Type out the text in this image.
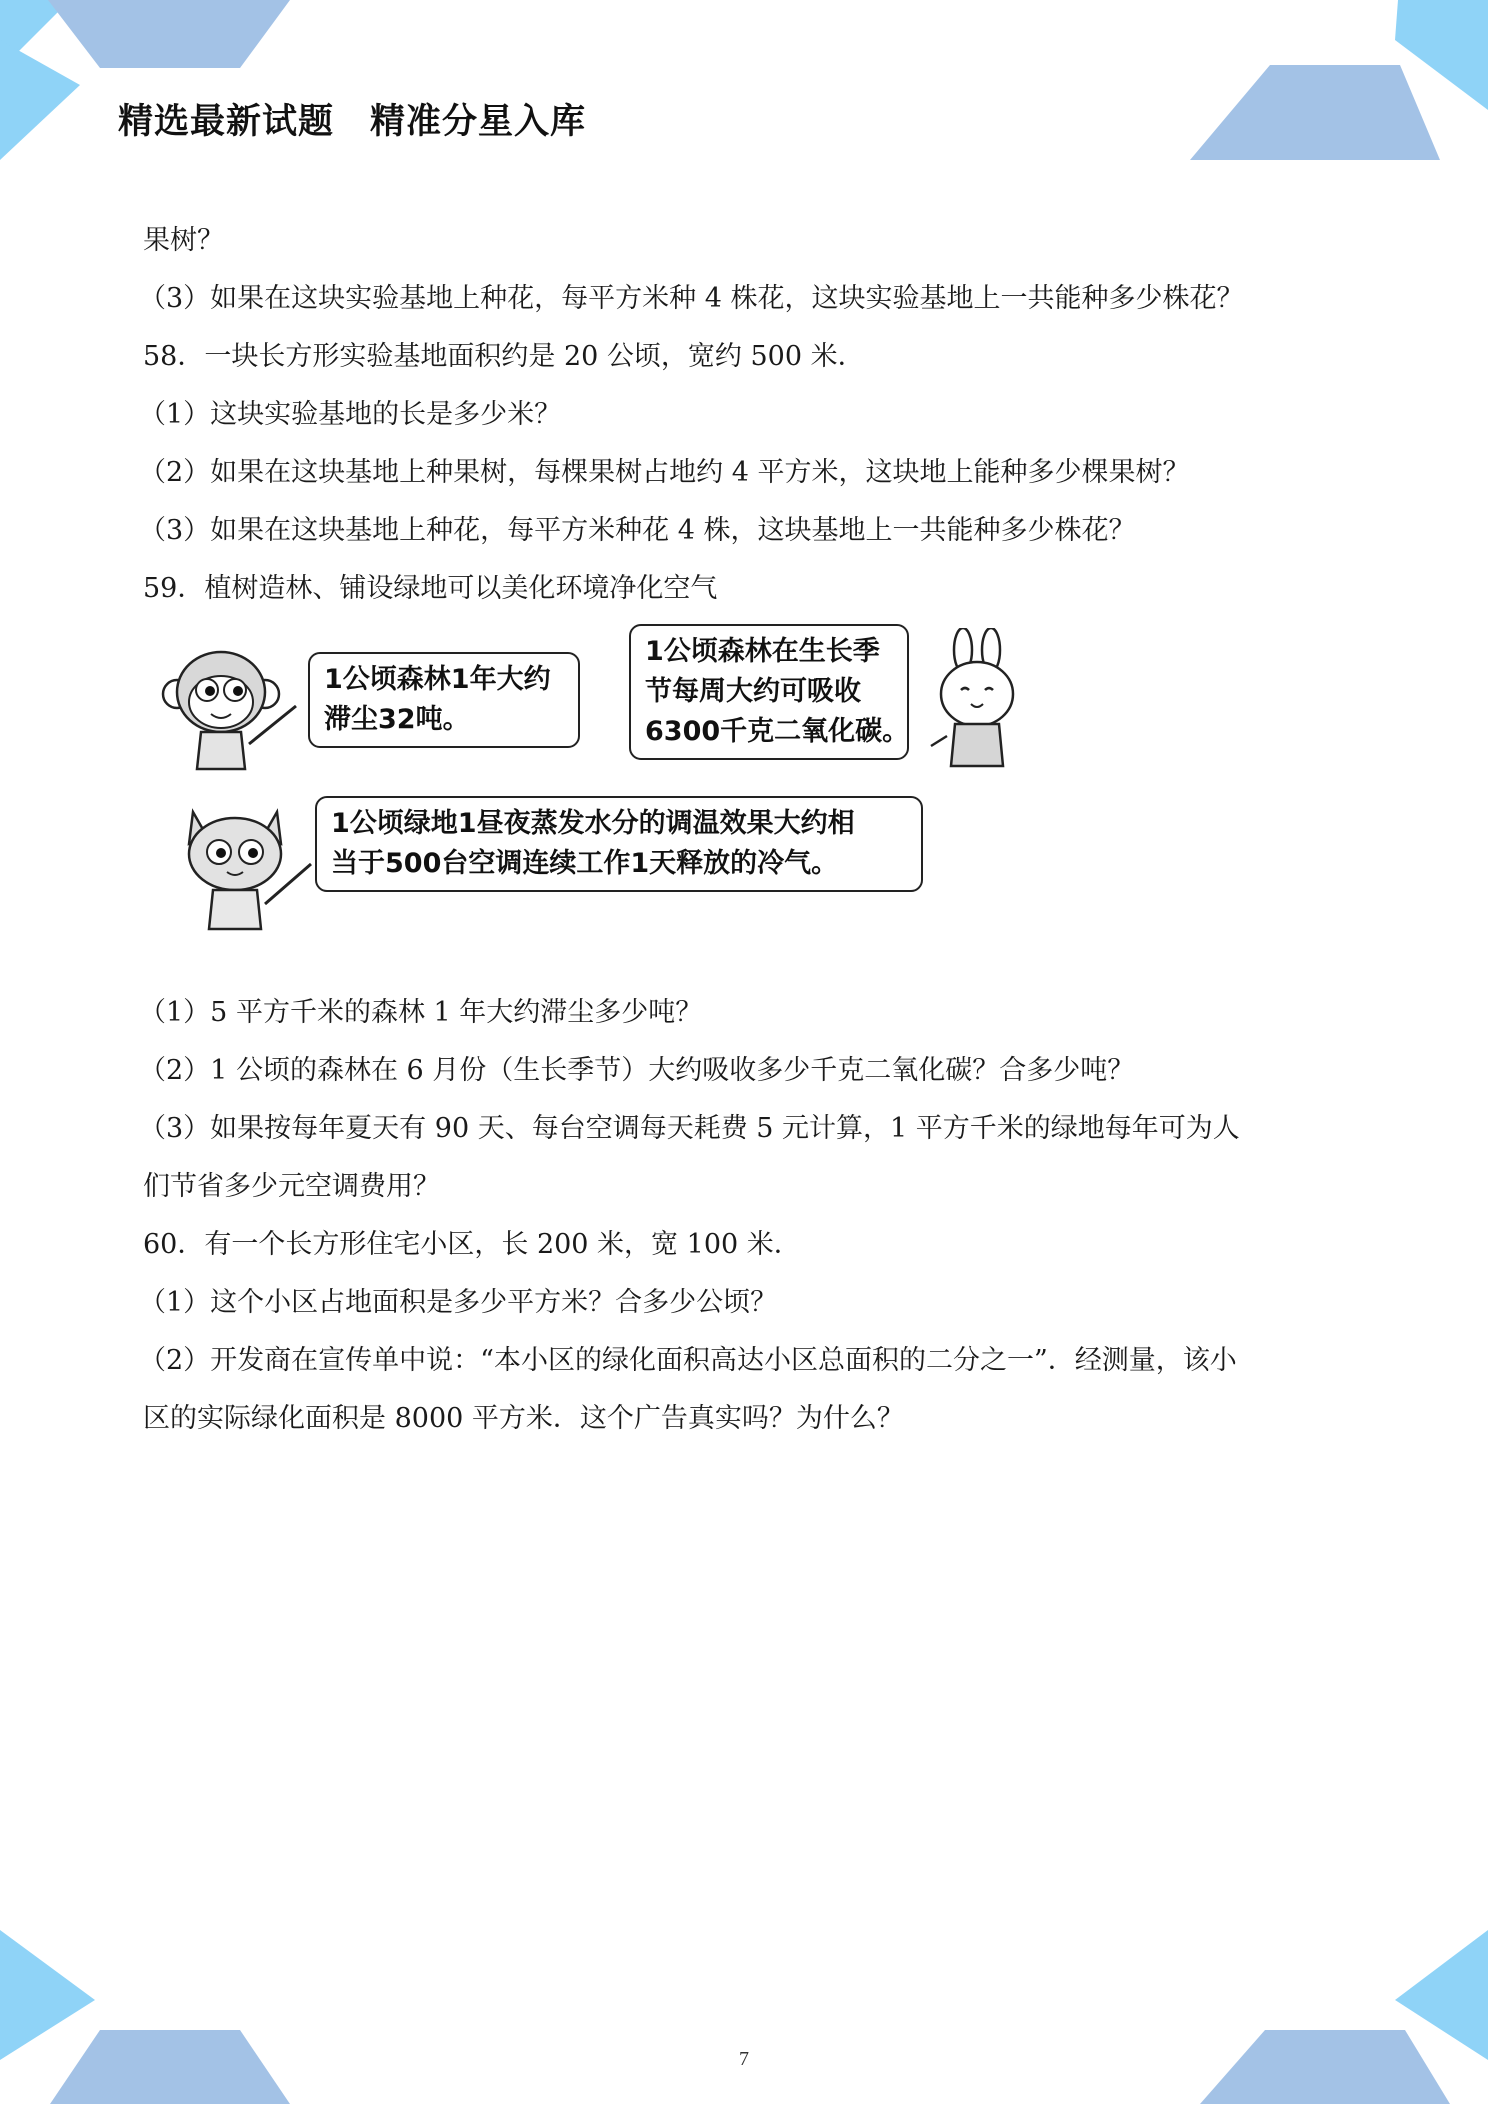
精选最新试题　精准分星入库
果树？
（3）如果在这块实验基地上种花，每平方米种 4 株花，这块实验基地上一共能种多少株花？
58．一块长方形实验基地面积约是 20 公顷，宽约 500 米．
（1）这块实验基地的长是多少米？
（2）如果在这块基地上种果树，每棵果树占地约 4 平方米，这块地上能种多少棵果树？
（3）如果在这块基地上种花，每平方米种花 4 株，这块基地上一共能种多少株花？
59．植树造林、铺设绿地可以美化环境净化空气
1公顷森林1年大约
滞尘32吨。
1公顷森林在生长季
节每周大约可吸收
6300千克二氧化碳。
1公顷绿地1昼夜蒸发水分的调温效果大约相
当于500台空调连续工作1天释放的冷气。
（1）5 平方千米的森林 1 年大约滞尘多少吨？
（2）1 公顷的森林在 6 月份（生长季节）大约吸收多少千克二氧化碳？合多少吨？
（3）如果按每年夏天有 90 天、每台空调每天耗费 5 元计算，1 平方千米的绿地每年可为人
们节省多少元空调费用？
60．有一个长方形住宅小区，长 200 米，宽 100 米．
（1）这个小区占地面积是多少平方米？合多少公顷？
（2）开发商在宣传单中说：“本小区的绿化面积高达小区总面积的二分之一”．经测量，该小
区的实际绿化面积是 8000 平方米．这个广告真实吗？为什么？
7
